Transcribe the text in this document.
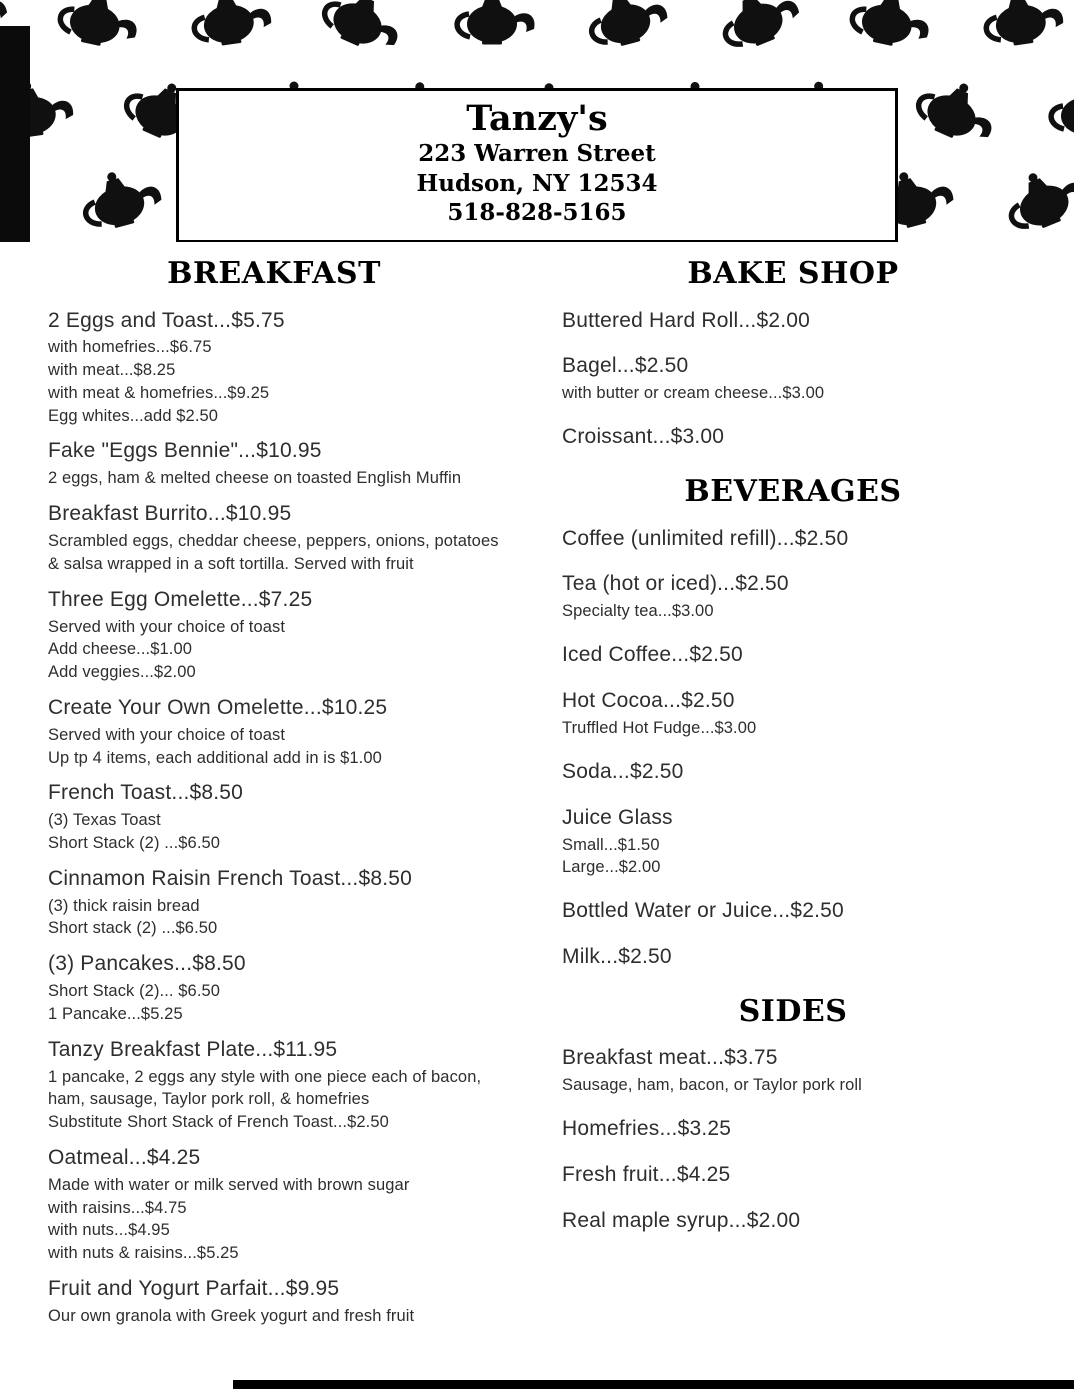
Tanzy's
223 Warren Street
Hudson, NY 12534
518-828-5165
BREAKFAST
2 Eggs and Toast...$5.75
with homefries...$6.75
with meat...$8.25
with meat & homefries...$9.25
Egg whites...add $2.50
Fake "Eggs Bennie"...$10.95
2 eggs, ham & melted cheese on toasted English Muffin
Breakfast Burrito...$10.95
Scrambled eggs, cheddar cheese, peppers, onions, potatoes & salsa wrapped in a soft tortilla. Served with fruit
Three Egg Omelette...$7.25
Served with your choice of toast
Add cheese...$1.00
Add veggies...$2.00
Create Your Own Omelette...$10.25
Served with your choice of toast
Up tp 4 items, each additional add in is $1.00
French Toast...$8.50
(3) Texas Toast
Short Stack (2) ...$6.50
Cinnamon Raisin French Toast...$8.50
(3) thick raisin bread
Short stack (2) ...$6.50
(3) Pancakes...$8.50
Short Stack (2)... $6.50
1 Pancake...$5.25
Tanzy Breakfast Plate...$11.95
1 pancake, 2 eggs any style with one piece each of bacon, ham, sausage, Taylor pork roll, & homefries
Substitute Short Stack of French Toast...$2.50
Oatmeal...$4.25
Made with water or milk served with brown sugar
with raisins...$4.75
with nuts...$4.95
with nuts & raisins...$5.25
Fruit and Yogurt Parfait...$9.95
Our own granola with Greek yogurt and fresh fruit
BAKE SHOP
Buttered Hard Roll...$2.00
Bagel...$2.50
with butter or cream cheese...$3.00
Croissant...$3.00
BEVERAGES
Coffee (unlimited refill)...$2.50
Tea (hot or iced)...$2.50
Specialty tea...$3.00
Iced Coffee...$2.50
Hot Cocoa...$2.50
Truffled Hot Fudge...$3.00
Soda...$2.50
Juice Glass
Small...$1.50
Large...$2.00
Bottled Water or Juice...$2.50
Milk...$2.50
SIDES
Breakfast meat...$3.75
Sausage, ham, bacon, or Taylor pork roll
Homefries...$3.25
Fresh fruit...$4.25
Real maple syrup...$2.00
